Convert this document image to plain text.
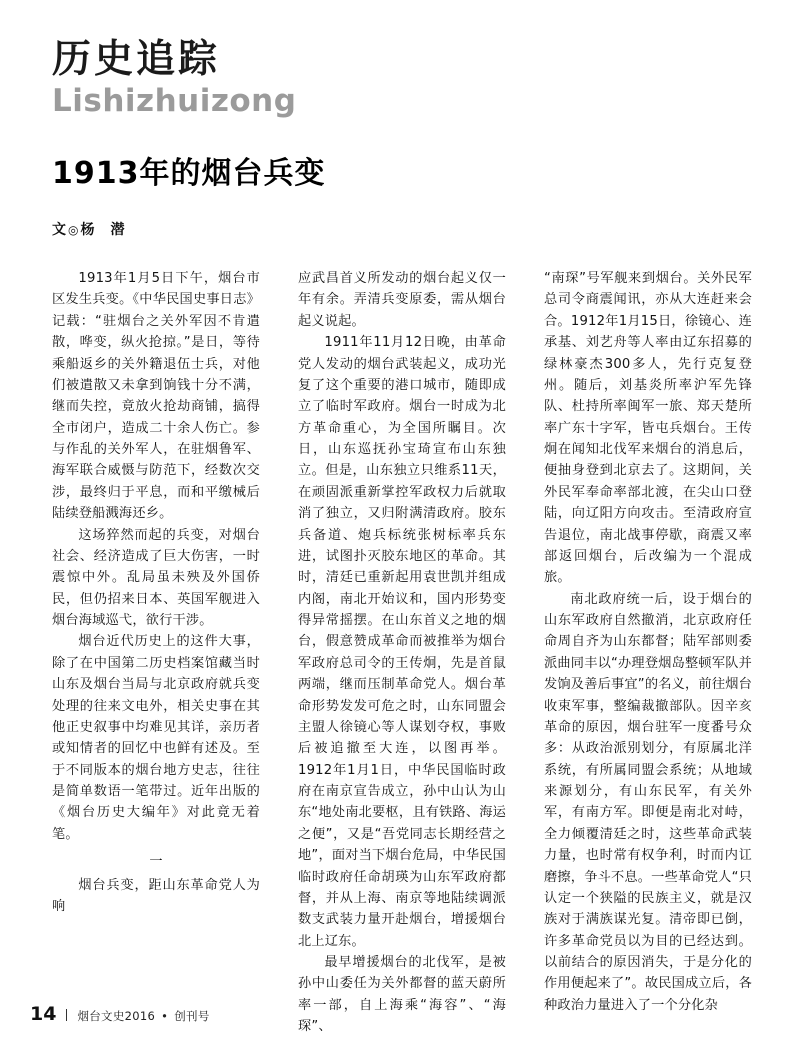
历史追踪
Lishizhuizong
1913年的烟台兵变
文◎杨　潜

1913年1月5日下午，烟台市区发生兵变。《中华民国史事日志》记载：“驻烟台之关外军因不肯遣散，哗变，纵火抢掠。”是日，等待乘船返乡的关外籍退伍士兵，对他们被遣散又未拿到饷钱十分不满，继而失控，竟放火抢劫商铺，搞得全市闭户，造成二十余人伤亡。参与作乱的关外军人，在驻烟鲁军、海军联合威慑与防范下，经数次交涉，最终归于平息，而和平缴械后陆续登船溅海还乡。

这场猝然而起的兵变，对烟台社会、经济造成了巨大伤害，一时震惊中外。乱局虽未殃及外国侨民，但仍招来日本、英国军舰进入烟台海域巡弋，欲行干涉。

烟台近代历史上的这件大事，除了在中国第二历史档案馆藏当时山东及烟台当局与北京政府就兵变处理的往来文电外，相关史事在其他正史叙事中均难见其详，亲历者或知情者的回忆中也鲜有述及。至于不同版本的烟台地方史志，往往是简单数语一笔带过。近年出版的《烟台历史大编年》对此竟无着笔。

一

烟台兵变，距山东革命党人为响

应武昌首义所发动的烟台起义仅一年有余。弄清兵变原委，需从烟台起义说起。

1911年11月12日晚，由革命党人发动的烟台武装起义，成功光复了这个重要的港口城市，随即成立了临时军政府。烟台一时成为北方革命重心，为全国所瞩目。次日，山东巡抚孙宝琦宣布山东独立。但是，山东独立只维系11天，在顽固派重新掌控军政权力后就取消了独立，又归附满清政府。胶东兵备道、炮兵标统张树标率兵东进，试图扑灭胶东地区的革命。其时，清廷已重新起用袁世凯并组成内阁，南北开始议和，国内形势变得异常摇摆。在山东首义之地的烟台，假意赞成革命而被推举为烟台军政府总司令的王传炯，先是首鼠两端，继而压制革命党人。烟台革命形势发发可危之时，山东同盟会主盟人徐镜心等人谋划夺权，事败后被追撤至大连，以图再举。1912年1月1日，中华民国临时政府在南京宣告成立，孙中山认为山东“地处南北要枢，且有铁路、海运之便”，又是“吾党同志长期经营之地”，面对当下烟台危局，中华民国临时政府任命胡瑛为山东军政府都督，并从上海、南京等地陆续调派数支武装力量开赴烟台，增援烟台北上辽东。

最早增援烟台的北伐军，是被孙中山委任为关外都督的蓝天蔚所率一部，自上海乘“海容”、“海琛”、

“南琛”号军舰来到烟台。关外民军总司令商震闻讯，亦从大连赶来会合。1912年1月15日，徐镜心、连承基、刘艺舟等人率由辽东招募的绿林豪杰300多人，先行克复登州。随后，刘基炎所率沪军先锋队、杜持所率闽军一旅、郑天楚所率广东十字军，皆屯兵烟台。王传炯在闻知北伐军来烟台的消息后，便抽身登到北京去了。这期间，关外民军奉命率部北渡，在尖山口登陆，向辽阳方向攻击。至清政府宣告退位，南北战事停歇，商震又率部返回烟台，后改编为一个混成旅。

南北政府统一后，设于烟台的山东军政府自然撤消，北京政府任命周自齐为山东都督；陆军部则委派曲同丰以“办理登烟岛整顿军队并发饷及善后事宜”的名义，前往烟台收束军事，整编裁撤部队。因辛亥革命的原因，烟台驻军一度番号众多：从政治派别划分，有原属北洋系统，有所属同盟会系统；从地域来源划分，有山东民军，有关外军，有南方军。即便是南北对峙，全力倾覆清廷之时，这些革命武装力量，也时常有权争利，时而内讧磨擦，争斗不息。一些革命党人“只认定一个狭隘的民族主义，就是汉族对于满族谋光复。清帝即已倒，许多革命党员以为目的已经达到。以前结合的原因消失，于是分化的作用便起来了”。故民国成立后，各种政治力量进入了一个分化杂

14 烟台文史2016 • 创刊号
